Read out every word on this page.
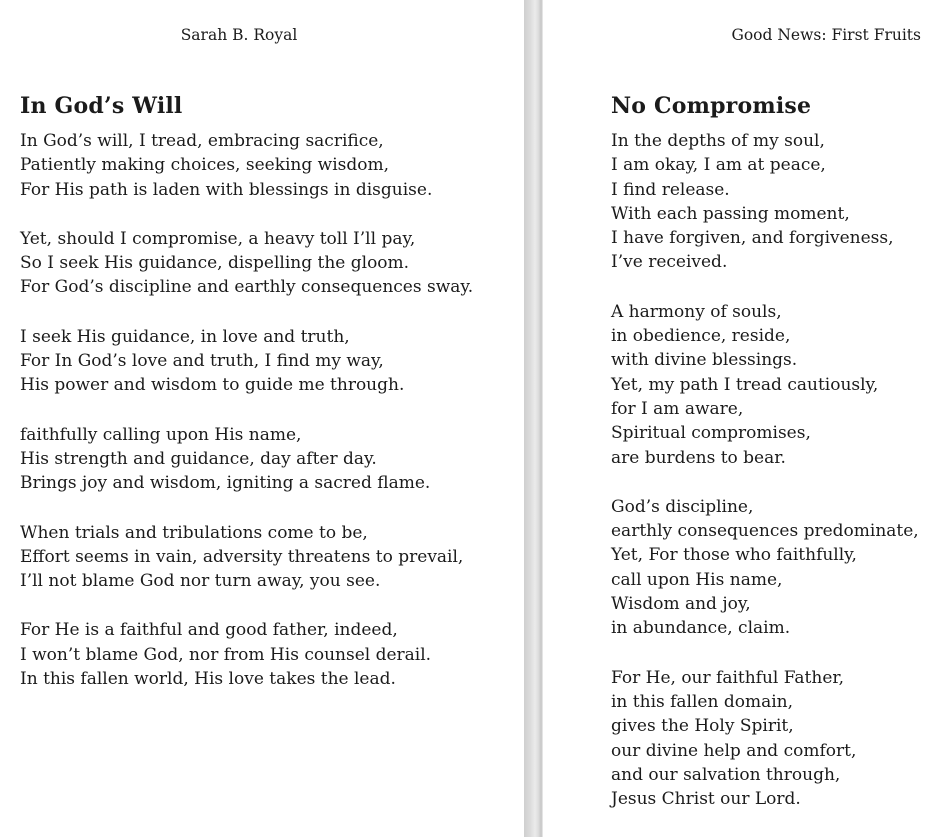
Sarah B. Royal
In God’s Will

In God’s will, I tread, embracing sacrifice,
Patiently making choices, seeking wisdom,
For His path is laden with blessings in disguise.

Yet, should I compromise, a heavy toll I’ll pay,
So I seek His guidance, dispelling the gloom.
For God’s discipline and earthly consequences sway.

I seek His guidance, in love and truth,
For In God’s love and truth, I find my way,
His power and wisdom to guide me through.

faithfully calling upon His name,
His strength and guidance, day after day.
Brings joy and wisdom, igniting a sacred flame.

When trials and tribulations come to be,
Effort seems in vain, adversity threatens to prevail,
I’ll not blame God nor turn away, you see.

For He is a faithful and good father, indeed,
I won’t blame God, nor from His counsel derail.
In this fallen world, His love takes the lead.

Good News: First Fruits
No Compromise

In the depths of my soul,
I am okay, I am at peace,
I find release.
With each passing moment,
I have forgiven, and forgiveness,
I’ve received.

A harmony of souls,
in obedience, reside,
with divine blessings.
Yet, my path I tread cautiously,
for I am aware,
Spiritual compromises,
are burdens to bear.

God’s discipline,
earthly consequences predominate,
Yet, For those who faithfully,
call upon His name,
Wisdom and joy,
in abundance, claim.

For He, our faithful Father,
in this fallen domain,
gives the Holy Spirit,
our divine help and comfort,
and our salvation through,
Jesus Christ our Lord.
